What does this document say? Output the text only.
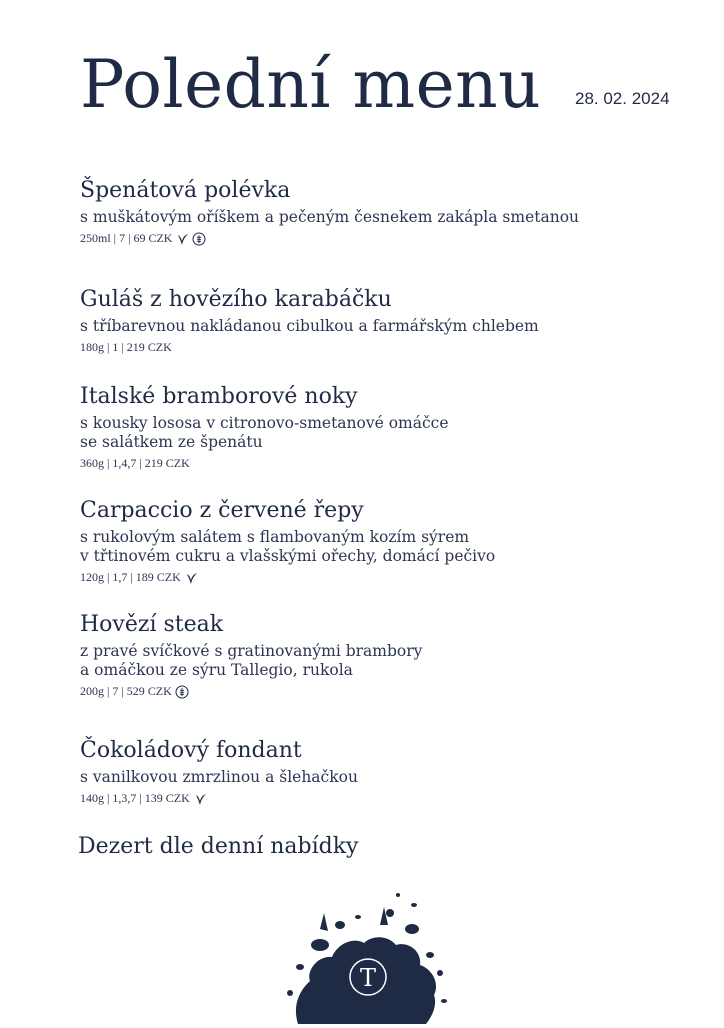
Polední menu 28. 02. 2024
Špenátová polévka
s muškátovým oříškem a pečeným česnekem zakápla smetanou
250ml | 7 | 69 CZK
Guláš z hovězího karabáčku
s tříbarevnou nakládanou cibulkou a farmářským chlebem
180g | 1 | 219 CZK
Italské bramborové noky
s kousky lososa v citronovo-smetanové omáčce
se salátkem ze špenátu
360g | 1,4,7 | 219 CZK
Carpaccio z červené řepy
s rukolovým salátem s flambovaným kozím sýrem
v třtinovém cukru a vlašskými ořechy, domácí pečivo
120g | 1,7 | 189 CZK
Hovězí steak
z pravé svíčkové s gratinovanými brambory
a omáčkou ze sýru Tallegio, rukola
200g | 7 | 529 CZK
Čokoládový fondant
s vanilkovou zmrzlinou a šlehačkou
140g | 1,3,7 | 139 CZK
Dezert dle denní nabídky
T
